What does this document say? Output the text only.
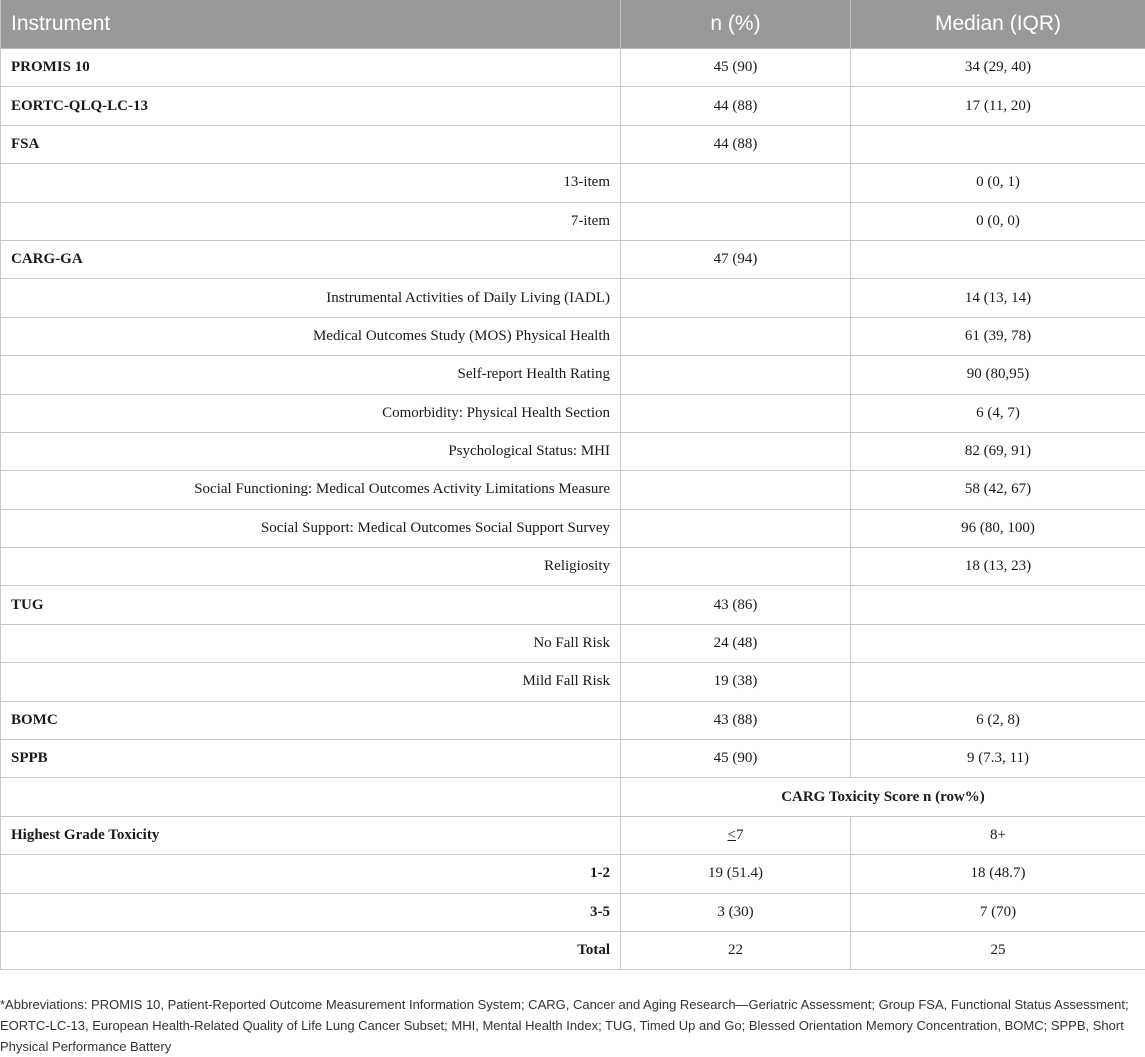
Instrument	n (%)	Median (IQR)
PROMIS 10	45 (90)	34 (29, 40)
EORTC-QLQ-LC-13	44 (88)	17 (11, 20)
FSA	44 (88)	
13-item		0 (0, 1)
7-item		0 (0, 0)
CARG-GA	47 (94)	
Instrumental Activities of Daily Living (IADL)		14 (13, 14)
Medical Outcomes Study (MOS) Physical Health		61 (39, 78)
Self-report Health Rating		90 (80,95)
Comorbidity: Physical Health Section		6 (4, 7)
Psychological Status: MHI		82 (69, 91)
Social Functioning: Medical Outcomes Activity Limitations Measure		58 (42, 67)
Social Support: Medical Outcomes Social Support Survey		96 (80, 100)
Religiosity		18 (13, 23)
TUG	43 (86)	
No Fall Risk	24 (48)	
Mild Fall Risk	19 (38)	
BOMC	43 (88)	6 (2, 8)
SPPB	45 (90)	9 (7.3, 11)
	CARG Toxicity Score n (row%)	
Highest Grade Toxicity	≤7	8+
1-2	19 (51.4)	18 (48.7)
3-5	3 (30)	7 (70)
Total	22	25
*Abbreviations: PROMIS 10, Patient-Reported Outcome Measurement Information System; CARG, Cancer and Aging Research—Geriatric Assessment; Group FSA, Functional Status Assessment; EORTC-LC-13, European Health-Related Quality of Life Lung Cancer Subset; MHI, Mental Health Index; TUG, Timed Up and Go; Blessed Orientation Memory Concentration, BOMC; SPPB, Short Physical Performance Battery
